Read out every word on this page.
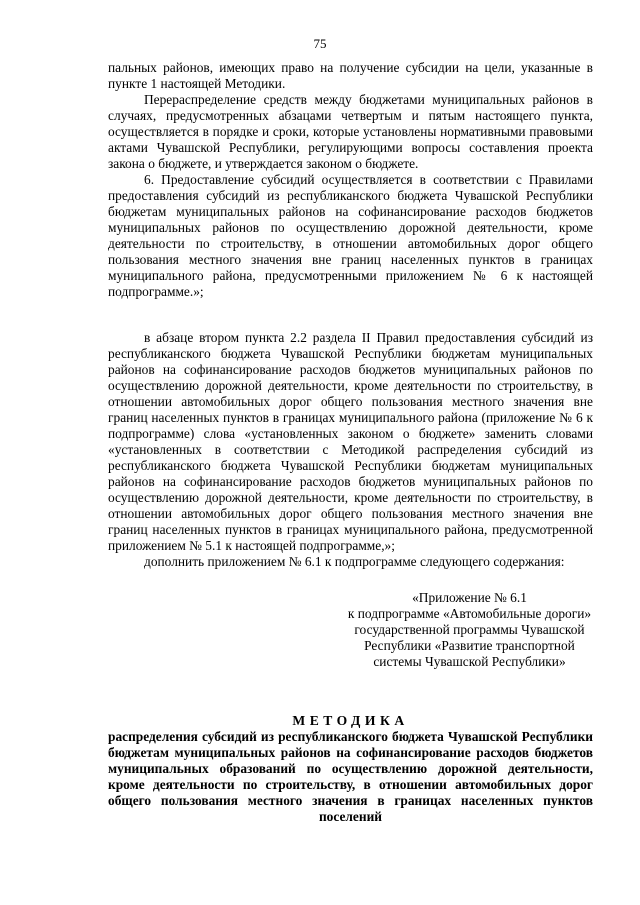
75

пальных районов, имеющих право на получение субсидии на цели, указанные в пункте 1 настоящей Методики.

Перераспределение средств между бюджетами муниципальных районов в случаях, предусмотренных абзацами четвертым и пятым настоящего пункта, осуществляется в порядке и сроки, которые установлены нормативными правовыми актами Чувашской Республики, регулирующими вопросы составления проекта закона о бюджете, и утверждается законом о бюджете.

6. Предоставление субсидий осуществляется в соответствии с Правилами предоставления субсидий из республиканского бюджета Чувашской Республики бюджетам муниципальных районов на софинансирование расходов бюджетов муниципальных районов по осуществлению дорожной деятельности, кроме деятельности по строительству, в отношении автомобильных дорог общего пользования местного значения вне границ населенных пунктов в границах муниципального района, предусмотренными приложением № 6 к настоящей подпрограмме.»;

в абзаце втором пункта 2.2 раздела II Правил предоставления субсидий из республиканского бюджета Чувашской Республики бюджетам муниципальных районов на софинансирование расходов бюджетов муниципальных районов по осуществлению дорожной деятельности, кроме деятельности по строительству, в отношении автомобильных дорог общего пользования местного значения вне границ населенных пунктов в границах муниципального района (приложение № 6 к подпрограмме) слова «установленных законом о бюджете» заменить словами «установленных в соответствии с Методикой распределения субсидий из республиканского бюджета Чувашской Республики бюджетам муниципальных районов на софинансирование расходов бюджетов муниципальных районов по осуществлению дорожной деятельности, кроме деятельности по строительству, в отношении автомобильных дорог общего пользования местного значения вне границ населенных пунктов в границах муниципального района, предусмотренной приложением № 5.1 к настоящей подпрограмме,»;

дополнить приложением № 6.1 к подпрограмме следующего содержания:

«Приложение № 6.1

к подпрограмме «Автомобильные дороги» государственной программы Чувашской Республики «Развитие транспортной системы Чувашской Республики»

МЕТОДИКА

распределения субсидий из республиканского бюджета Чувашской Республики бюджетам муниципальных районов на софинансирование расходов бюджетов муниципальных образований по осуществлению дорожной деятельности, кроме деятельности по строительству, в отношении автомобильных дорог общего пользования местного значения в границах населенных пунктов поселений
